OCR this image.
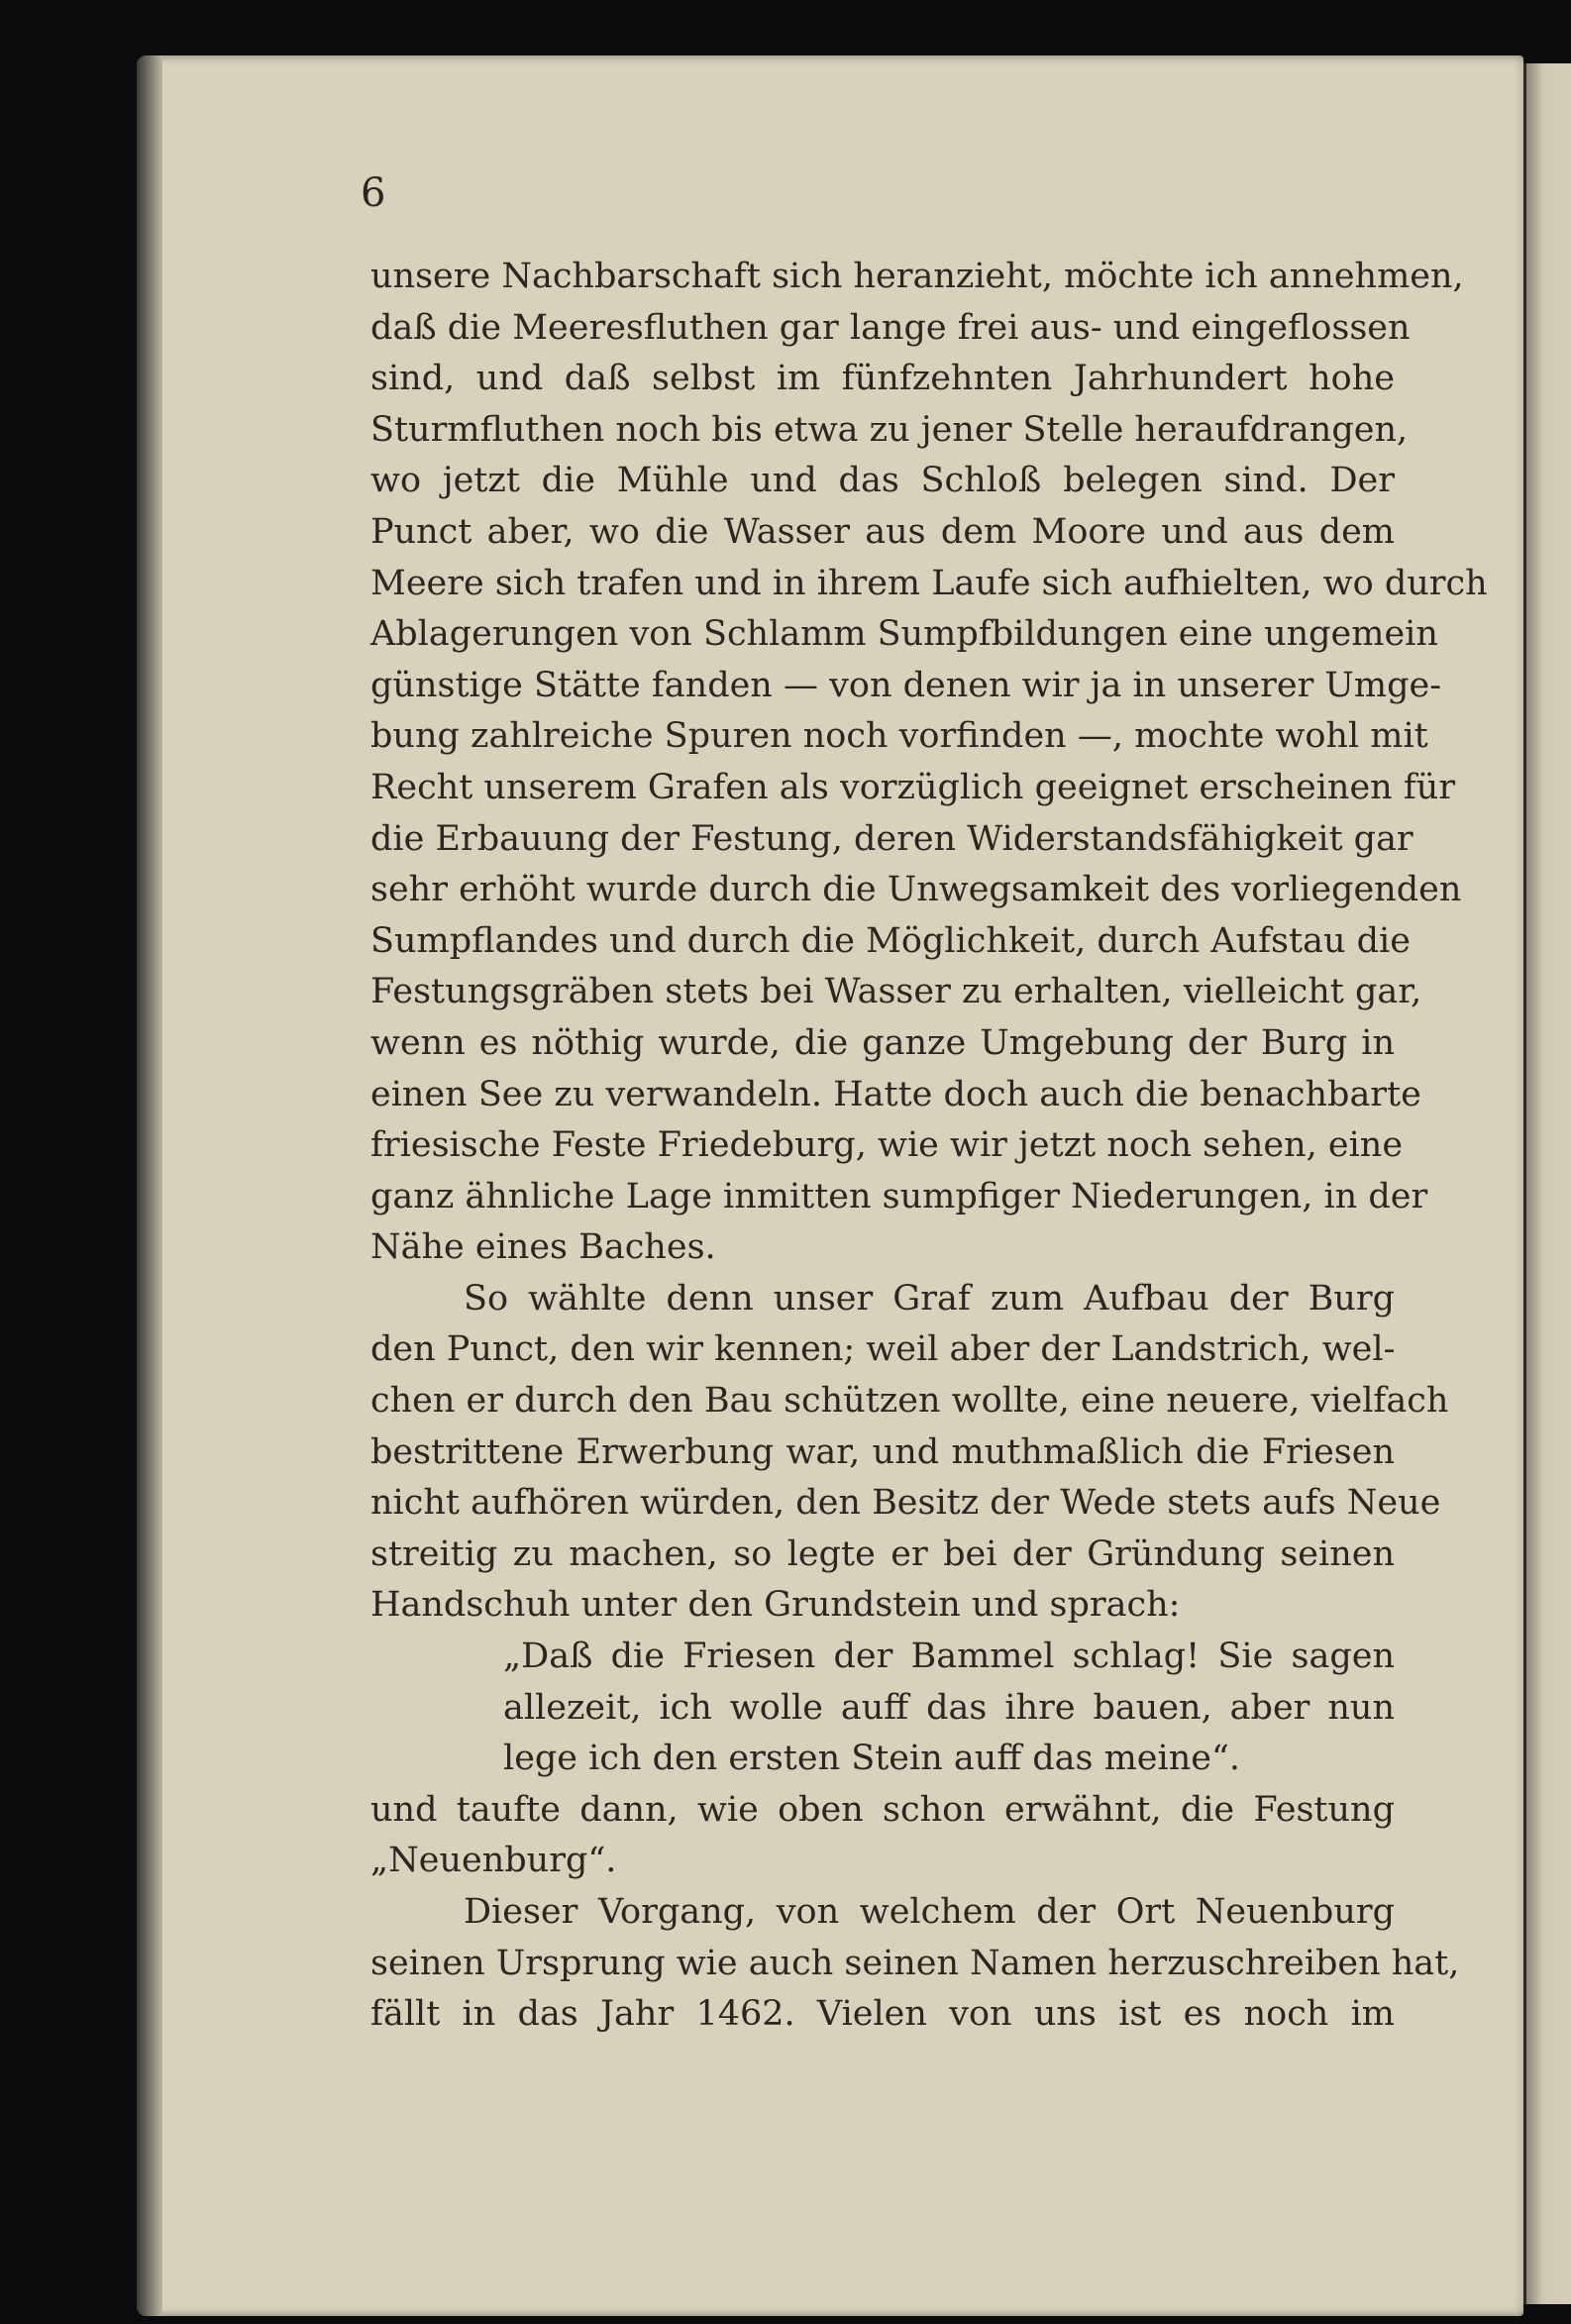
6
unsere Nachbarschaft sich heranzieht, möchte ich annehmen,
daß die Meeresfluthen gar lange frei aus- und eingeflossen
sind, und daß selbst im fünfzehnten Jahrhundert hohe
Sturmfluthen noch bis etwa zu jener Stelle heraufdrangen,
wo jetzt die Mühle und das Schloß belegen sind. Der
Punct aber, wo die Wasser aus dem Moore und aus dem
Meere sich trafen und in ihrem Laufe sich aufhielten, wo durch
Ablagerungen von Schlamm Sumpfbildungen eine ungemein
günstige Stätte fanden — von denen wir ja in unserer Umge-
bung zahlreiche Spuren noch vorfinden —, mochte wohl mit
Recht unserem Grafen als vorzüglich geeignet erscheinen für
die Erbauung der Festung, deren Widerstandsfähigkeit gar
sehr erhöht wurde durch die Unwegsamkeit des vorliegenden
Sumpflandes und durch die Möglichkeit, durch Aufstau die
Festungsgräben stets bei Wasser zu erhalten, vielleicht gar,
wenn es nöthig wurde, die ganze Umgebung der Burg in
einen See zu verwandeln. Hatte doch auch die benachbarte
friesische Feste Friedeburg, wie wir jetzt noch sehen, eine
ganz ähnliche Lage inmitten sumpfiger Niederungen, in der
Nähe eines Baches.
So wählte denn unser Graf zum Aufbau der Burg
den Punct, den wir kennen; weil aber der Landstrich, wel-
chen er durch den Bau schützen wollte, eine neuere, vielfach
bestrittene Erwerbung war, und muthmaßlich die Friesen
nicht aufhören würden, den Besitz der Wede stets aufs Neue
streitig zu machen, so legte er bei der Gründung seinen
Handschuh unter den Grundstein und sprach:
„Daß die Friesen der Bammel schlag! Sie sagen
allezeit, ich wolle auff das ihre bauen, aber nun
lege ich den ersten Stein auff das meine“.
und taufte dann, wie oben schon erwähnt, die Festung
„Neuenburg“.
Dieser Vorgang, von welchem der Ort Neuenburg
seinen Ursprung wie auch seinen Namen herzuschreiben hat,
fällt in das Jahr 1462. Vielen von uns ist es noch im
